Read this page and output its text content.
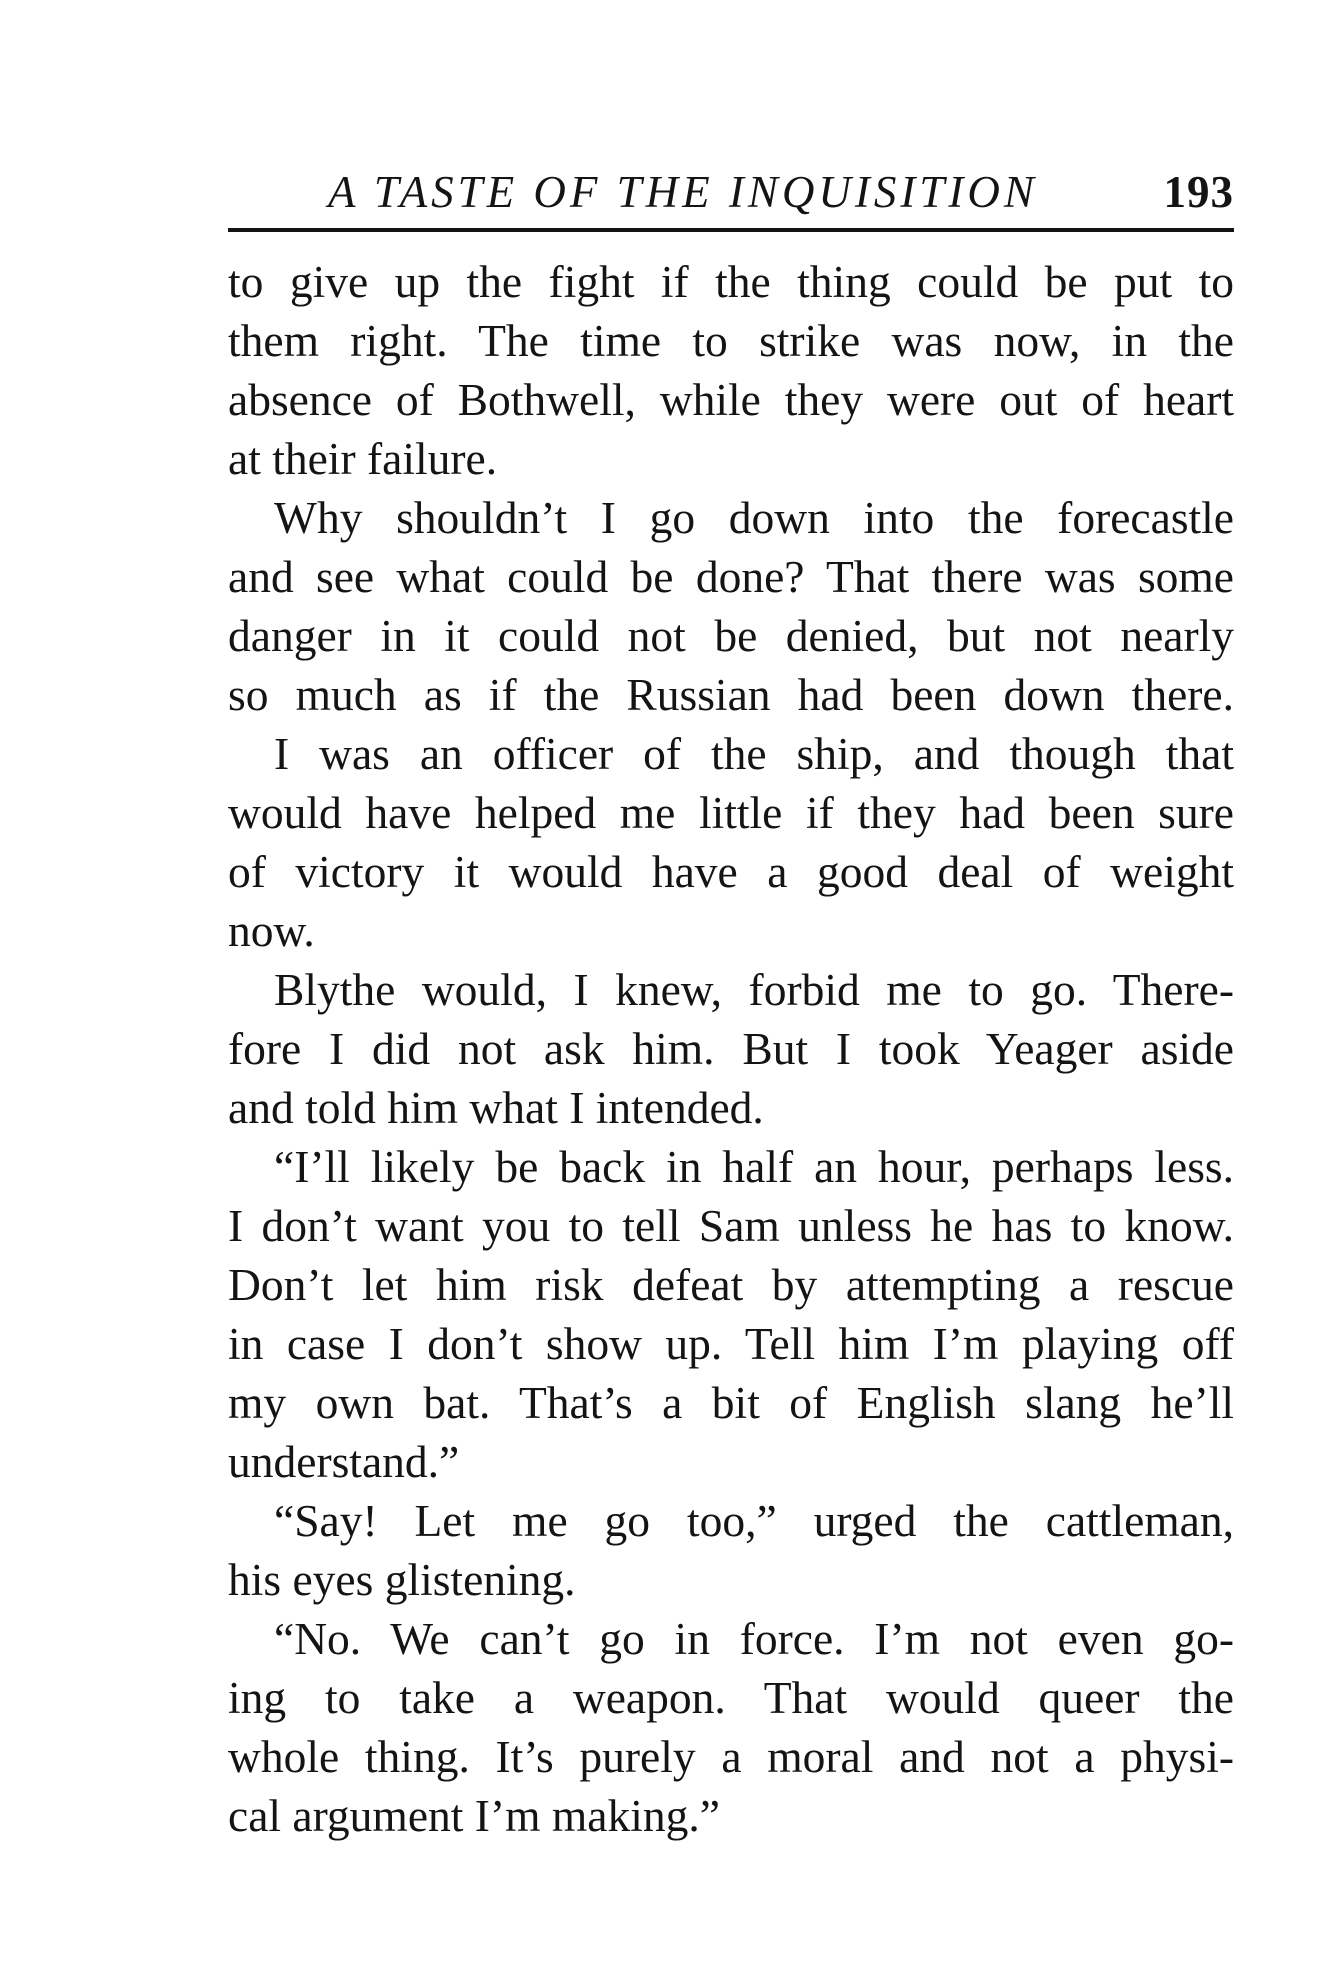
A TASTE OF THE INQUISITION	193
to give up the fight if the thing could be put to
them right. The time to strike was now, in the
absence of Bothwell, while they were out of heart
at their failure.
Why shouldn’t I go down into the forecastle
and see what could be done? That there was some
danger in it could not be denied, but not nearly
so much as if the Russian had been down there.
I was an officer of the ship, and though that
would have helped me little if they had been sure
of victory it would have a good deal of weight
now.
Blythe would, I knew, forbid me to go. There-
fore I did not ask him. But I took Yeager aside
and told him what I intended.
“I’ll likely be back in half an hour, perhaps less.
I don’t want you to tell Sam unless he has to know.
Don’t let him risk defeat by attempting a rescue
in case I don’t show up. Tell him I’m playing off
my own bat. That’s a bit of English slang he’ll
understand.”
“Say! Let me go too,” urged the cattleman,
his eyes glistening.
“No. We can’t go in force. I’m not even go-
ing to take a weapon. That would queer the
whole thing. It’s purely a moral and not a physi-
cal argument I’m making.”
